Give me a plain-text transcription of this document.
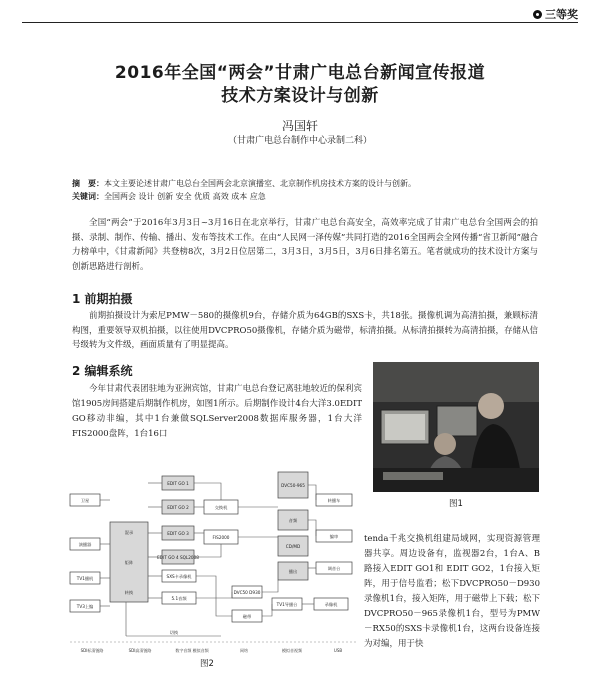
三等奖
2016年全国“两会”甘肃广电总台新闻宣传报道
技术方案设计与创新
冯国轩
（甘肃广电总台制作中心录制二科）
摘　要：本文主要论述甘肃广电总台全国两会北京演播室、北京制作机房技术方案的设计与创新。
关键词：全国两会 设计 创新 安全 优质 高效 成本 应急
全国“两会”于2016年3月3日~3月16日在北京举行，甘肃广电总台高安全，高效率完成了甘肃广电总台全国两会的拍摄、录制、制作、传输、播出、发布等技术工作。在由“人民网一泽传媒”共同打造的2016全国两会全网传播“省卫新闻”融合力榜单中，《甘肃新闻》共登榜8次，3月2日位居第二，3月3日，3月5日，3月6日排名第五。笔者就成功的技术设计方案与创新思路进行剖析。
1 前期拍摄
前期拍摄设计为索尼PMW－580的摄像机9台，存储介质为64GB的SXS卡，共18张。摄像机调为高清拍摄，兼顾标清构图，重要领导双机拍摄，以往使用DVCPRO50摄像机，存储介质为磁带，标清拍摄。从标清拍摄转为高清拍摄，存储从信号级转为文件级，画面质量有了明显提高。
2 编辑系统
今年甘肃代表团驻地为亚洲宾馆，甘肃广电总台登记离驻地较近的保利宾馆1905房间搭建后期制作机房，如图1所示。后期制作设计4台大洋3.0EDIT GO移动非编，其中1台兼做SQLServer2008数据库服务器，1台大洋FIS2000盘阵，1台16口
图1
tenda千兆交换机组建局域网，实现资源管理器共享。周边设备有，监视器2台，1台A、B路接入EDIT GO1和 EDIT GO2，1台接入矩阵，用于信号监看；松下DVCPRO50－D930录像机1台，接入矩阵，用于磁带上下载；松下DVCPRO50－965录像机1台，型号为PMW－RX50的SXS卡录像机1台，这两台设备连接为对编，用于快
卫星
演播器
TV1播机
TV3上编
矩阵
EDIT GO 1
EDIT GO 2
EDIT GO 3
EDIT GO 4 SQL2008
交换机
FIS2000
SXS卡录像机
5.1音频
DVC50 D930
DVC50-965
转播车
音频
CD/MD
编审
调音台
播出
磁带
TV1导播台	录像机
混录
转换
切换
SDI标清链路	SDI高清链路	数字音频 模拟音频	网络	模拟音视频	USB
图2
